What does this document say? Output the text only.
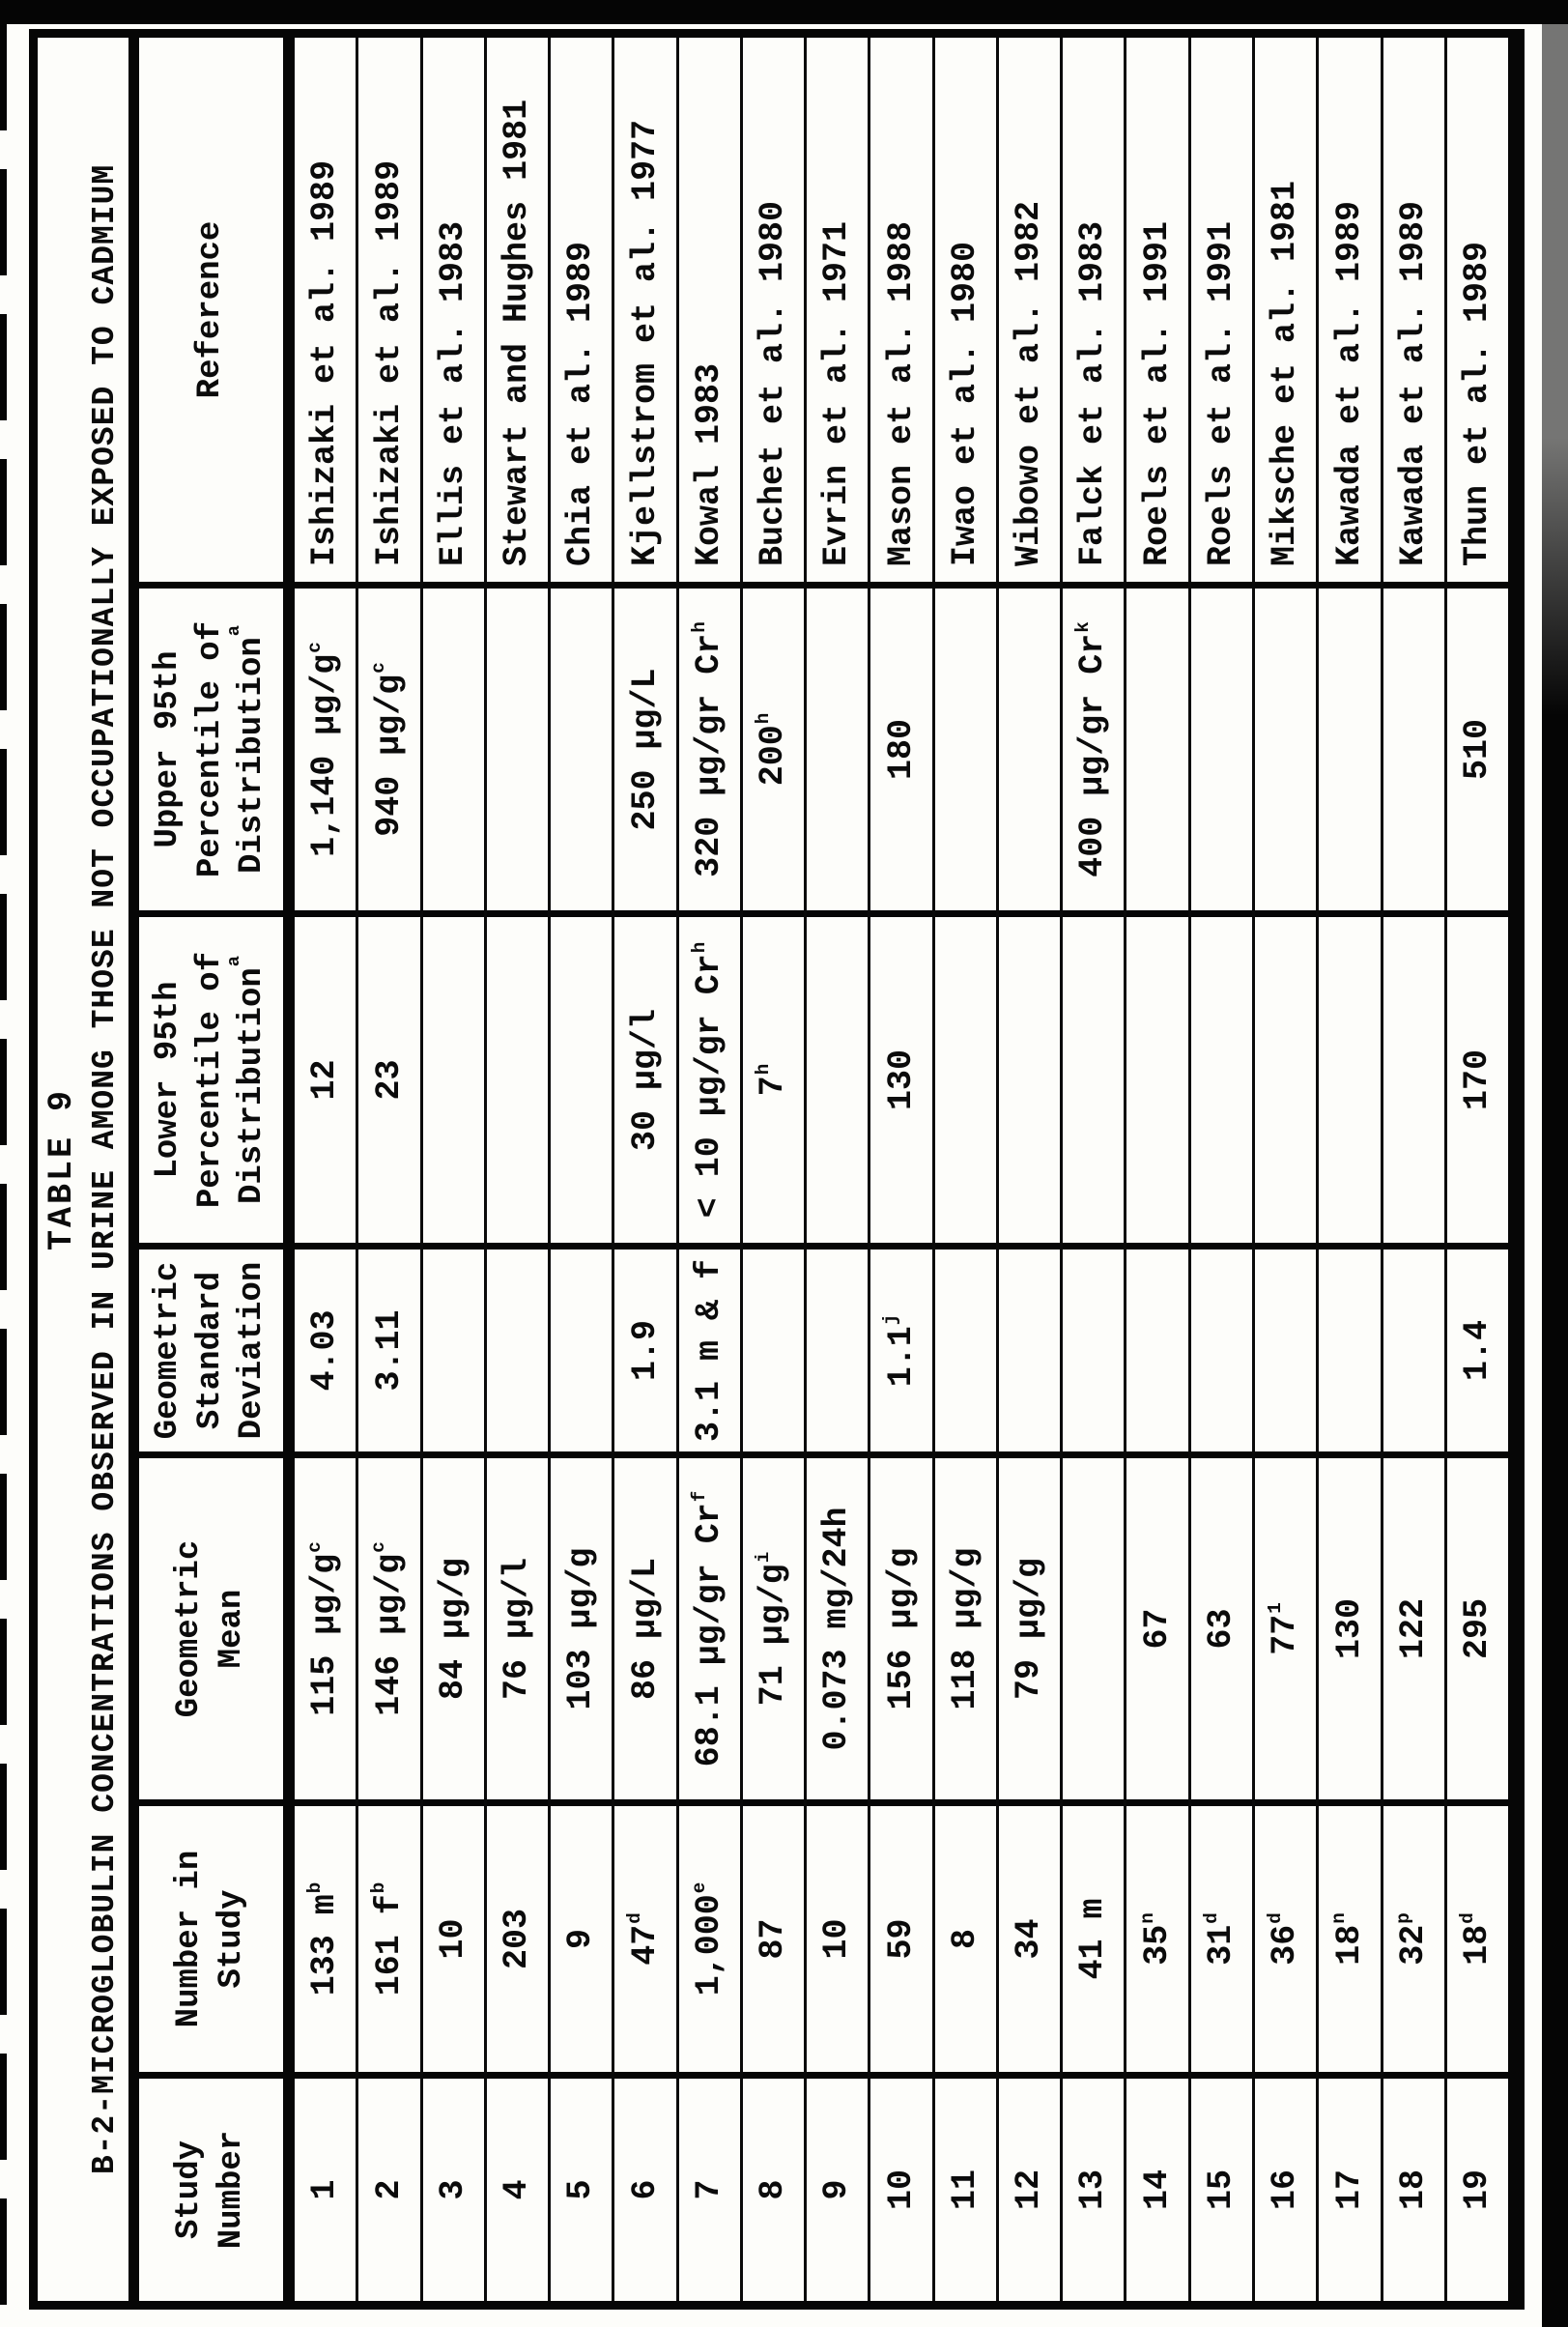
TABLE 9 B-2-MICROGLOBULIN CONCENTRATIONS OBSERVED IN URINE AMONG THOSE NOT OCCUPATIONALLY EXPOSED TO CADMIUM
Study Number
Number in Study
Geometric Mean
Geometric Standard Deviation
Lower 95th Percentile of Distribution$^a$
Upper 95th Percentile of Distribution$^a$
Reference
1
133 m
$^b$
115 µg/g
$^c$
4.03
12
1,140 µg/g
$^c$
Ishizaki et al. 1989
2
161 f
$^b$
146 µg/g
$^c$
3.11
23
940 µg/g
$^c$
Ishizaki et al. 1989
3
10
84 µg/g
Ellis et al. 1983
4
203
76 µg/l
Stewart and Hughes 1981
5
9
103 µg/g
Chia et al. 1989
6
47
$^d$
86 µg/L
1.9
30 µg/l
250 µg/L
Kjellstrom et al. 1977
7
1,000
$^e$
68.1 µg/gr Cr
$^f$
3.1 m & f
< 10 µg/gr Cr
$^h$
320 µg/gr Cr
$^h$
Kowal 1983
8
87
71 µg/g
$^i$
7
$^h$
200
$^h$
Buchet et al. 1980
9
10
0.073 mg/24h
Evrin et al. 1971
10
59
156 µg/g
1.1
$^j$
130
180
Mason et al. 1988
11
8
118 µg/g
Iwao et al. 1980
12
34
79 µg/g
Wibowo et al. 1982
13
41 m
400 µg/gr Cr
$^k$
Falck et al. 1983
14
35
$^n$
67
Roels et al. 1991
15
31
$^d$
63
Roels et al. 1991
16
36
$^d$
77
$^1$
Miksche et al. 1981
17
18
$^n$
130
Kawada et al. 1989
18
32
$^p$
122
Kawada et al. 1989
19
18
$^d$
295
1.4
170
510
Thun et al. 1989
